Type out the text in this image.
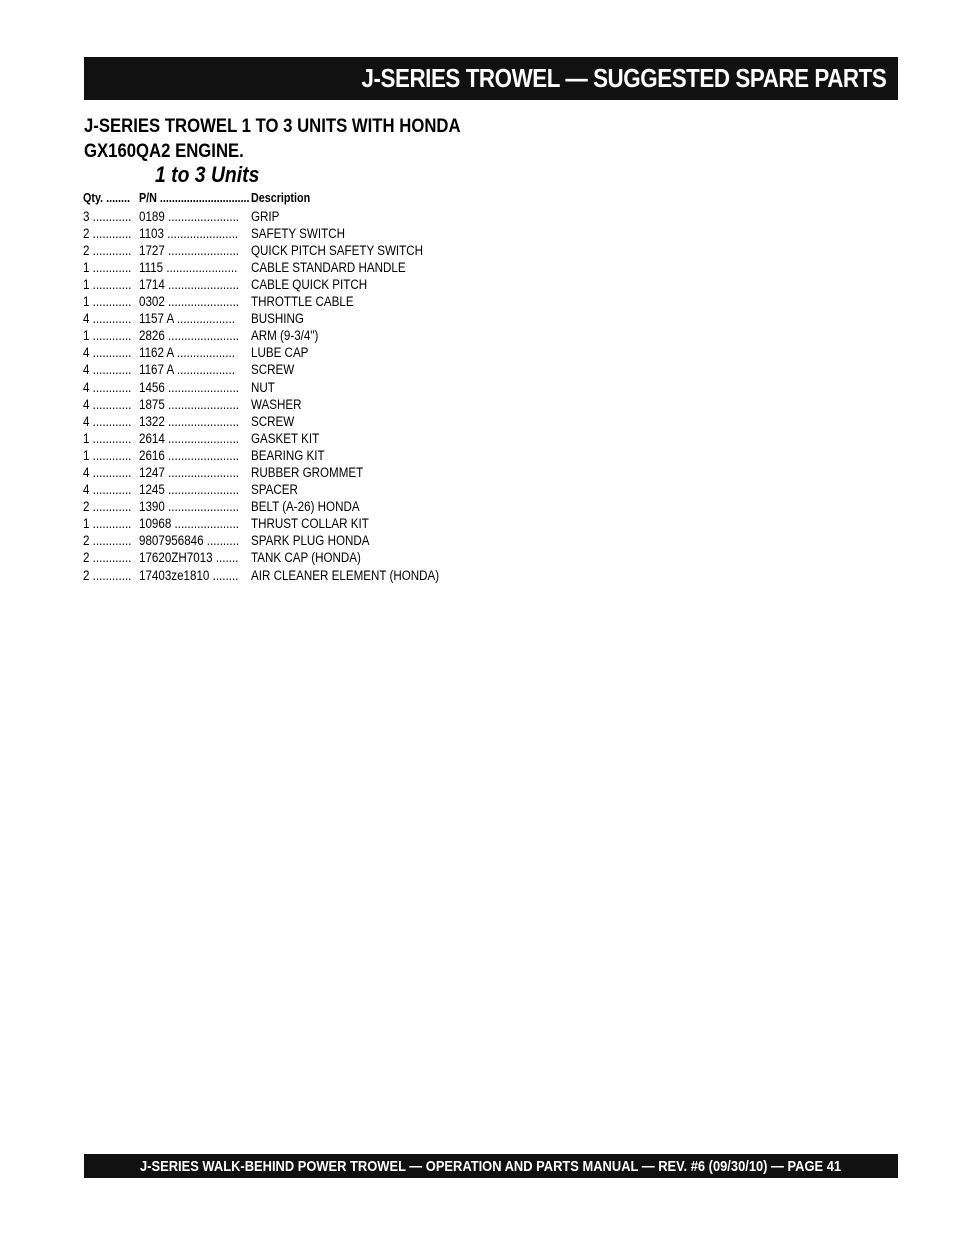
J-SERIES TROWEL — SUGGESTED SPARE PARTS
J-SERIES TROWEL 1 TO 3 UNITS WITH HONDA
GX160QA2 ENGINE.
1 to 3 Units
Qty. ........ P/N .............................. Description
3 ............ 0189 ...................... GRIP
2 ............ 1103 ...................... SAFETY SWITCH
2 ............ 1727 ...................... QUICK PITCH SAFETY SWITCH
1 ............ 1115 ...................... CABLE STANDARD HANDLE
1 ............ 1714 ...................... CABLE QUICK PITCH
1 ............ 0302 ...................... THROTTLE CABLE
4 ............ 1157 A .................. BUSHING
1 ............ 2826 ...................... ARM (9-3/4")
4 ............ 1162 A .................. LUBE CAP
4 ............ 1167 A .................. SCREW
4 ............ 1456 ...................... NUT
4 ............ 1875 ...................... WASHER
4 ............ 1322 ...................... SCREW
1 ............ 2614 ...................... GASKET KIT
1 ............ 2616 ...................... BEARING KIT
4 ............ 1247 ...................... RUBBER GROMMET
4 ............ 1245 ...................... SPACER
2 ............ 1390 ...................... BELT (A-26) HONDA
1 ............ 10968 .................... THRUST COLLAR KIT
2 ............ 9807956846 .......... SPARK PLUG HONDA
2 ............ 17620ZH7013 ....... TANK CAP (HONDA)
2 ............ 17403ze1810 ........ AIR CLEANER ELEMENT (HONDA)
J-SERIES WALK-BEHIND POWER TROWEL — OPERATION AND PARTS MANUAL — REV. #6 (09/30/10) — PAGE 41
